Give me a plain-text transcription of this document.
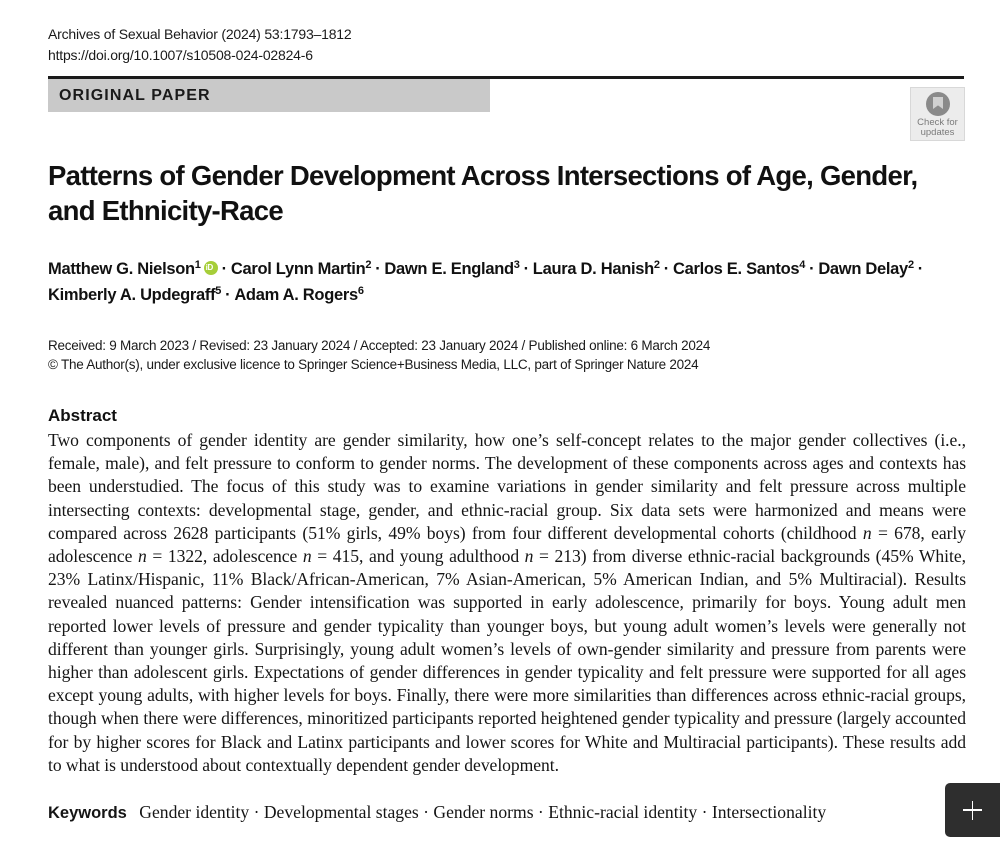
Archives of Sexual Behavior (2024) 53:1793–1812
https://doi.org/10.1007/s10508-024-02824-6
ORIGINAL PAPER
Check for
updates
Patterns of Gender Development Across Intersections of Age, Gender, and Ethnicity-Race
Matthew G. Nielson$^1$ iD · Carol Lynn Martin$^2$ · Dawn E. England$^3$ · Laura D. Hanish$^2$ · Carlos E. Santos$^4$ · Dawn Delay$^2$ ·
Kimberly A. Updegraff$^5$ · Adam A. Rogers$^6$
Received: 9 March 2023 / Revised: 23 January 2024 / Accepted: 23 January 2024 / Published online: 6 March 2024
© The Author(s), under exclusive licence to Springer Science+Business Media, LLC, part of Springer Nature 2024
Abstract
Two components of gender identity are gender similarity, how one’s self-concept relates to the major gender collectives (i.e., female, male), and felt pressure to conform to gender norms. The development of these components across ages and contexts has been understudied. The focus of this study was to examine variations in gender similarity and felt pressure across multiple intersecting contexts: developmental stage, gender, and ethnic-racial group. Six data sets were harmonized and means were compared across 2628 participants (51% girls, 49% boys) from four different developmental cohorts (childhood n = 678, early adolescence n = 1322, adolescence n = 415, and young adulthood n = 213) from diverse ethnic-racial backgrounds (45% White, 23% Latinx/Hispanic, 11% Black/African-American, 7% Asian-American, 5% American Indian, and 5% Multiracial). Results revealed nuanced patterns: Gender intensification was supported in early adolescence, primarily for boys. Young adult men reported lower levels of pressure and gender typicality than younger boys, but young adult women’s levels were generally not different than younger girls. Surprisingly, young adult women’s levels of own-gender similarity and pressure from parents were higher than adolescent girls. Expectations of gender differences in gender typicality and felt pressure were supported for all ages except young adults, with higher levels for boys. Finally, there were more similarities than differences across ethnic-racial groups, though when there were differences, minoritized participants reported heightened gender typicality and pressure (largely accounted for by higher scores for Black and Latinx participants and lower scores for White and Multiracial participants). These results add to what is understood about contextually dependent gender development.
Keywords Gender identity · Developmental stages · Gender norms · Ethnic-racial identity · Intersectionality
